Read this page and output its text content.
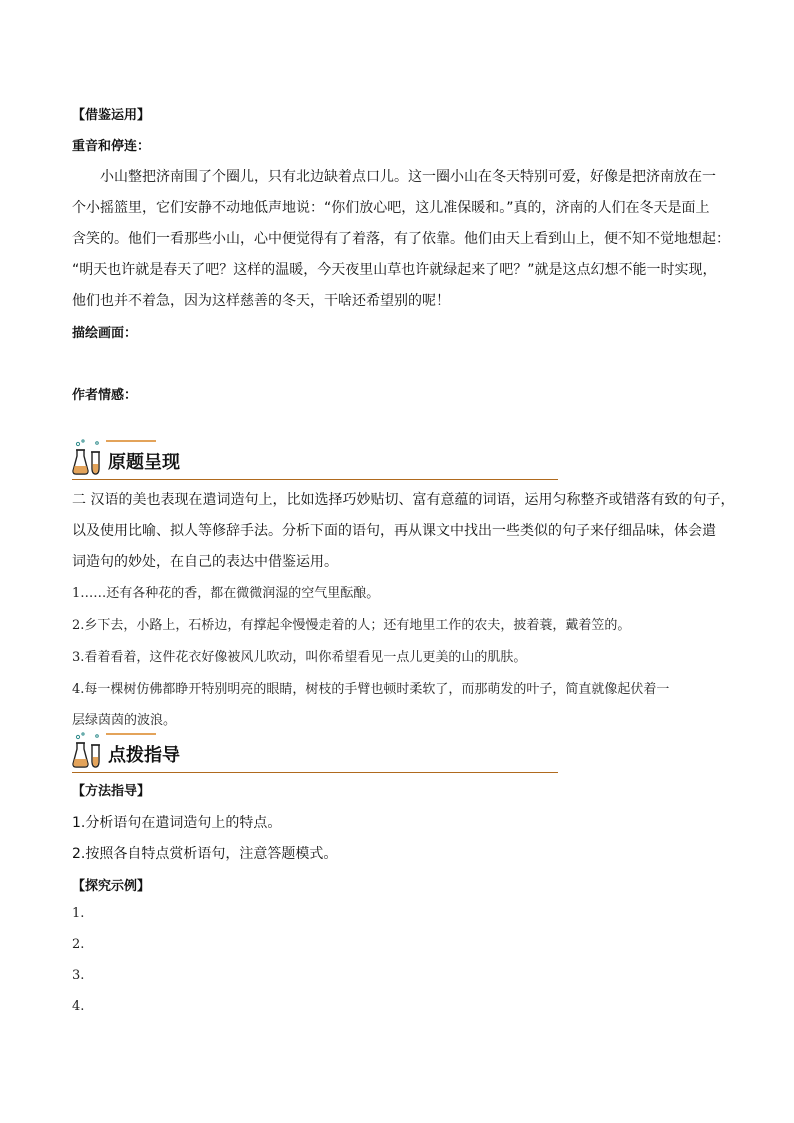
【借鉴运用】
重音和停连：
小山整把济南围了个圈儿，只有北边缺着点口儿。这一圈小山在冬天特别可爱，好像是把济南放在一
个小摇篮里，它们安静不动地低声地说：“你们放心吧，这儿准保暖和。”真的，济南的人们在冬天是面上
含笑的。他们一看那些小山，心中便觉得有了着落，有了依靠。他们由天上看到山上，便不知不觉地想起：
“明天也许就是春天了吧？这样的温暖，今天夜里山草也许就绿起来了吧？”就是这点幻想不能一时实现，
他们也并不着急，因为这样慈善的冬天，干啥还希望别的呢！
描绘画面：
作者情感：
原题呈现
二 汉语的美也表现在遣词造句上，比如选择巧妙贴切、富有意蕴的词语，运用匀称整齐或错落有致的句子，
以及使用比喻、拟人等修辞手法。分析下面的语句，再从课文中找出一些类似的句子来仔细品味，体会遣
词造句的妙处，在自己的表达中借鉴运用。
1……还有各种花的香，都在微微润湿的空气里酝酿。
2.乡下去，小路上，石桥边，有撑起伞慢慢走着的人；还有地里工作的农夫，披着蓑，戴着笠的。
3.看着看着，这件花衣好像被风儿吹动，叫你希望看见一点儿更美的山的肌肤。
4.每一棵树仿佛都睁开特别明亮的眼睛，树枝的手臂也顿时柔软了，而那萌发的叶子，简直就像起伏着一
层绿茵茵的波浪。
点拨指导
【方法指导】
1.分析语句在遣词造句上的特点。
2.按照各自特点赏析语句，注意答题模式。
【探究示例】
1.
2.
3.
4.
